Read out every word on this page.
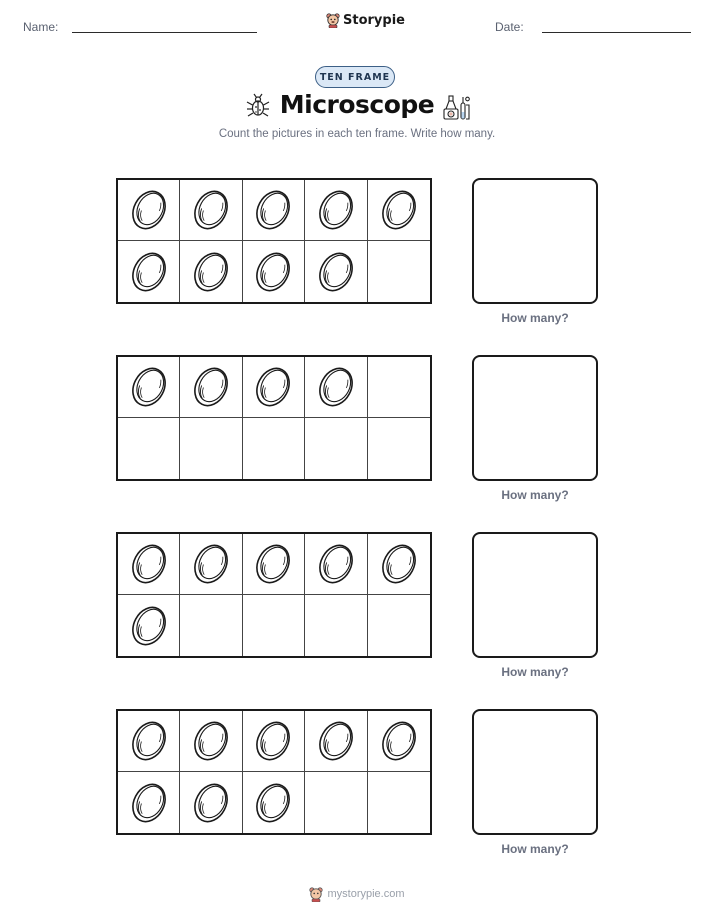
Name:	Storypie	Date:
TEN FRAME
Microscope
Count the pictures in each ten frame. Write how many.
How many?
How many?
How many?
How many?
mystorypie.com
